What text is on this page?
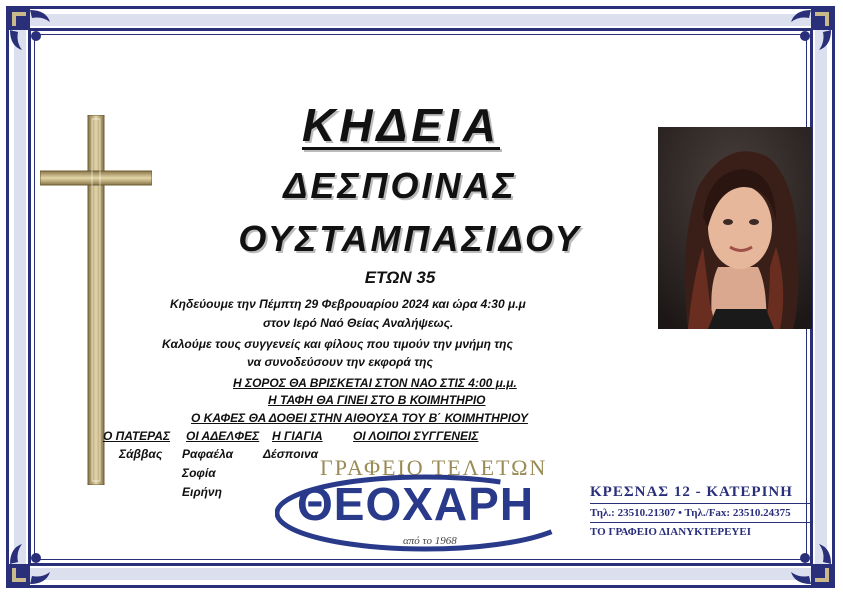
ΚΗΔΕΙΑ
ΔΕΣΠΟΙΝΑΣ
ΟΥΣΤΑΜΠΑΣΙΔΟΥ
ΕΤΩΝ 35
Κηδεύουμε την Πέμπτη 29 Φεβρουαρίου 2024 και ώρα 4:30 μ.μ
στον Ιερό Ναό Θείας Αναλήψεως.
Καλούμε τους συγγενείς και φίλους που τιμούν την μνήμη της
να συνοδεύσουν την εκφορά της
Η ΣΟΡΟΣ ΘΑ ΒΡΙΣΚΕΤΑΙ ΣΤΟΝ ΝΑΟ ΣΤΙΣ 4:00 μ.μ.
Η ΤΑΦΗ ΘΑ ΓΙΝΕΙ ΣΤΟ Β ΚΟΙΜΗΤΗΡΙΟ
Ο ΚΑΦΕΣ ΘΑ ΔΟΘΕΙ ΣΤΗΝ ΑΙΘΟΥΣΑ ΤΟΥ Β΄ ΚΟΙΜΗΤΗΡΙΟΥ
Ο ΠΑΤΕΡΑΣ ΟΙ ΑΔΕΛΦΕΣ Η ΓΙΑΓΙΑ	ΟΙ ΛΟΙΠΟΙ ΣΥΓΓΕΝΕΙΣ
Σάββας Ραφαέλα
Σοφία
Ειρήνη
Δέσποινα
ΓΡΑΦΕΙΟ ΤΕΛΕΤΩΝ
ΘΕΟΧΑΡΗ
από το 1968
ΚΡΕΣΝΑΣ 12 - ΚΑΤΕΡΙΝΗ
Τηλ.: 23510.21307 • Τηλ./Fax: 23510.24375
ΤΟ ΓΡΑΦΕΙΟ ΔΙΑΝΥΚΤΕΡΕΥΕΙ
